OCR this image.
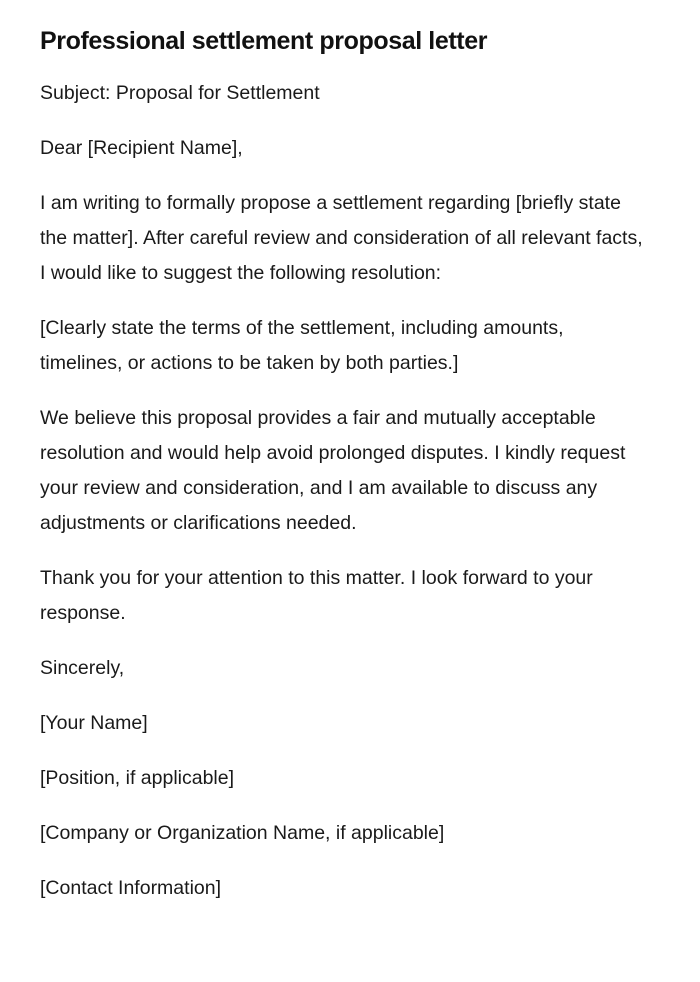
Professional settlement proposal letter

Subject: Proposal for Settlement

Dear [Recipient Name],

I am writing to formally propose a settlement regarding [briefly state the matter]. After careful review and consideration of all relevant facts, I would like to suggest the following resolution:

[Clearly state the terms of the settlement, including amounts, timelines, or actions to be taken by both parties.]

We believe this proposal provides a fair and mutually acceptable resolution and would help avoid prolonged disputes. I kindly request your review and consideration, and I am available to discuss any adjustments or clarifications needed.

Thank you for your attention to this matter. I look forward to your response.

Sincerely,

[Your Name]

[Position, if applicable]

[Company or Organization Name, if applicable]

[Contact Information]
